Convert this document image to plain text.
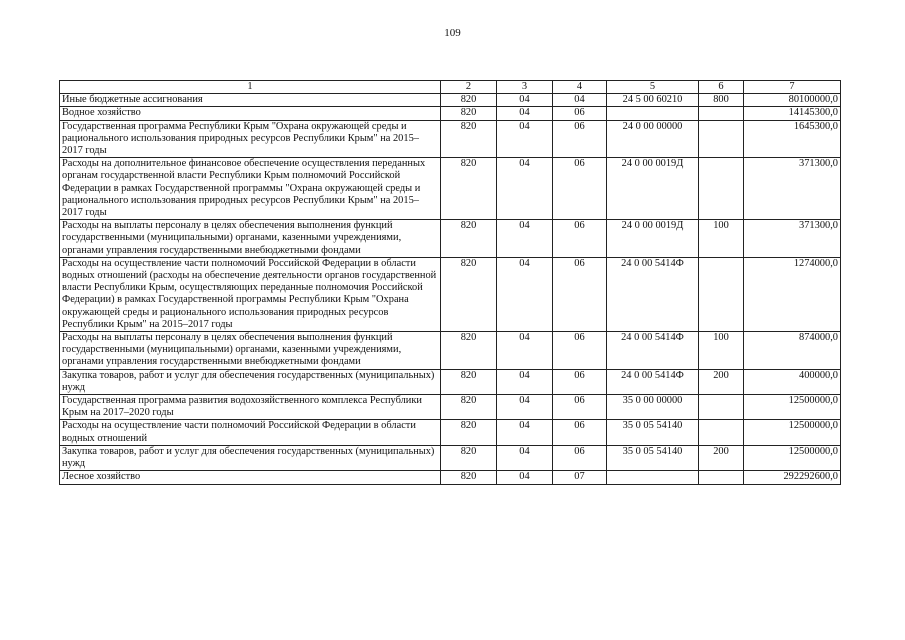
109
1	2	3	4	5	6	7
Иные бюджетные ассигнования	820	04	04	24 5 00 60210	800	80100000,0
Водное хозяйство	820	04	06			14145300,0
Государственная программа Республики Крым "Охрана окружающей среды и рационального использования природных ресурсов Республики Крым" на 2015–2017 годы	820	04	06	24 0 00 00000		1645300,0
Расходы на дополнительное финансовое обеспечение осуществления переданных органам государственной власти Республики Крым полномочий Российской Федерации в рамках Государственной программы "Охрана окружающей среды и рационального использования природных ресурсов Республики Крым" на 2015–2017 годы	820	04	06	24 0 00 0019Д		371300,0
Расходы на выплаты персоналу в целях обеспечения выполнения функций государственными (муниципальными) органами, казенными учреждениями, органами управления государственными внебюджетными фондами	820	04	06	24 0 00 0019Д	100	371300,0
Расходы на осуществление части полномочий Российской Федерации в области водных отношений (расходы на обеспечение деятельности органов государственной власти Республики Крым, осуществляющих переданные полномочия Российской Федерации) в рамках Государственной программы Республики Крым "Охрана окружающей среды и рационального использования природных ресурсов Республики Крым" на 2015–2017 годы	820	04	06	24 0 00 5414Ф		1274000,0
Расходы на выплаты персоналу в целях обеспечения выполнения функций государственными (муниципальными) органами, казенными учреждениями, органами управления государственными внебюджетными фондами	820	04	06	24 0 00 5414Ф	100	874000,0
Закупка товаров, работ и услуг для обеспечения государственных (муниципальных) нужд	820	04	06	24 0 00 5414Ф	200	400000,0
Государственная программа развития водохозяйственного комплекса Республики Крым на 2017–2020 годы	820	04	06	35 0 00 00000		12500000,0
Расходы на осуществление части полномочий Российской Федерации в области водных отношений	820	04	06	35 0 05 54140		12500000,0
Закупка товаров, работ и услуг для обеспечения государственных (муниципальных) нужд	820	04	06	35 0 05 54140	200	12500000,0
Лесное хозяйство	820	04	07			292292600,0
